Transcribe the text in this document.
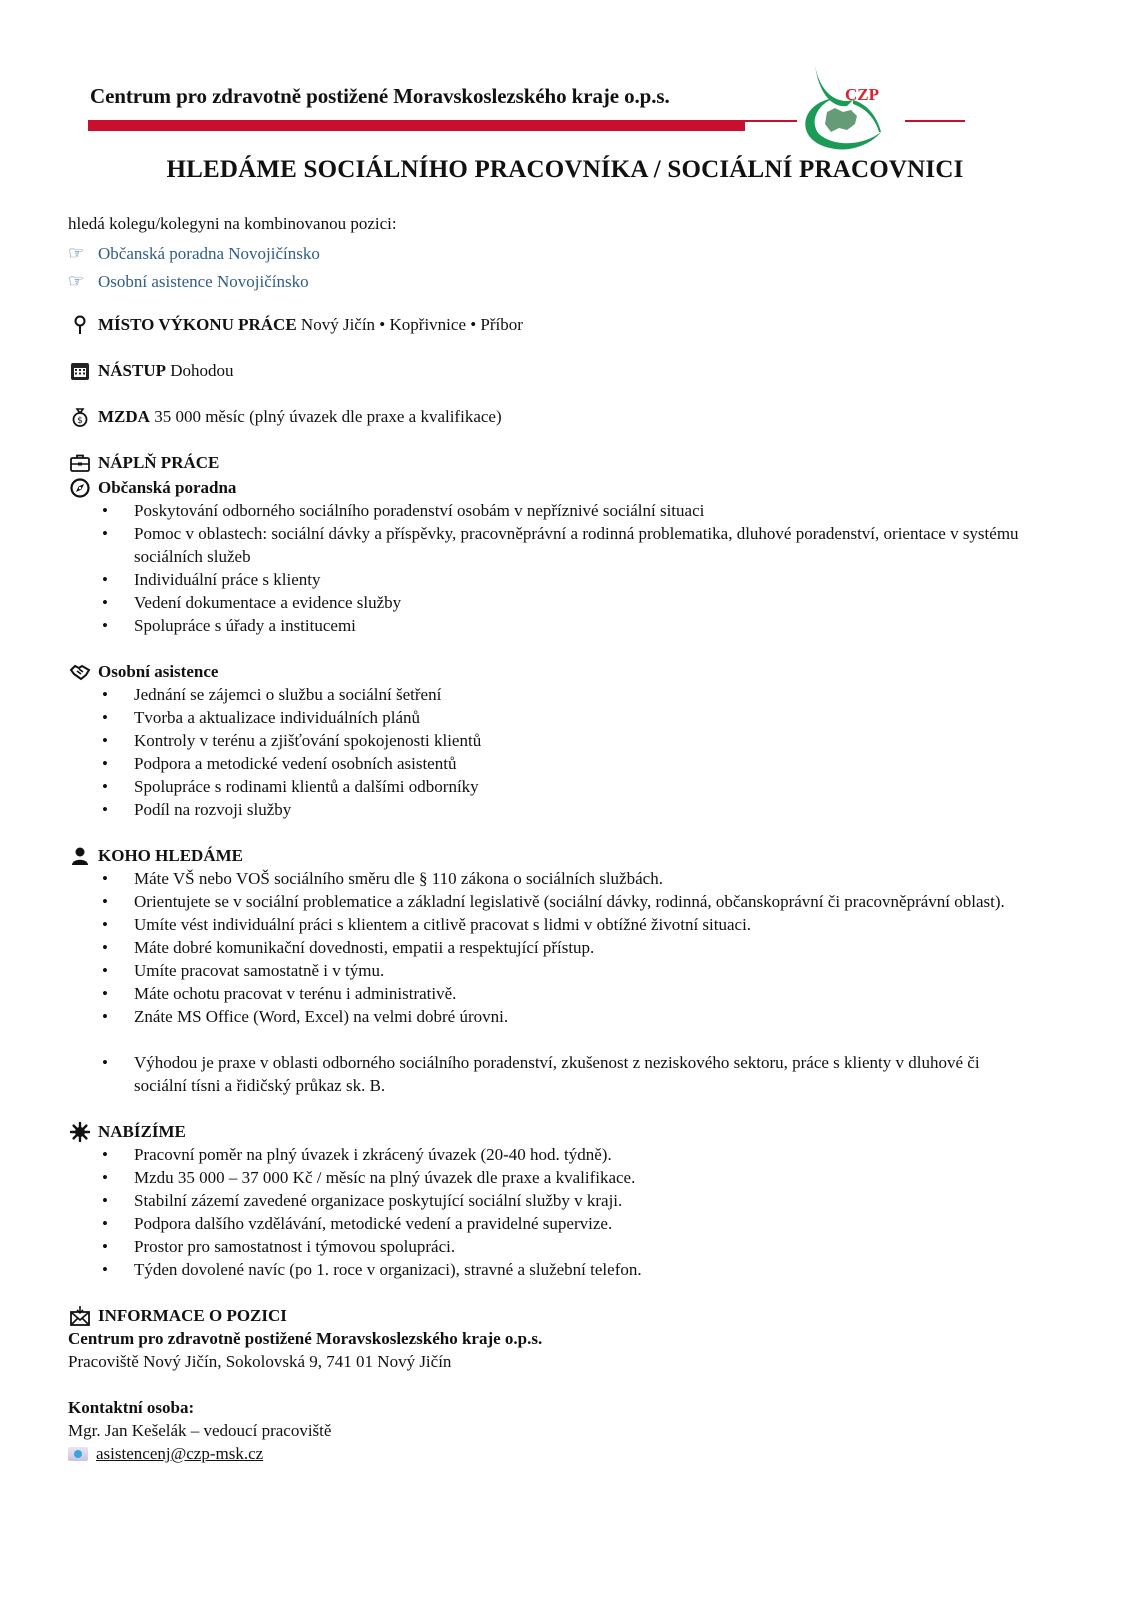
Centrum pro zdravotně postižené Moravskoslezského kraje o.p.s.	CZP
HLEDÁME SOCIÁLNÍHO PRACOVNÍKA / SOCIÁLNÍ PRACOVNICI
hledá kolegu/kolegyni na kombinovanou pozici:
☞ Občanská poradna Novojičínsko
☞ Osobní asistence Novojičínsko
MÍSTO VÝKONU PRÁCE
Nový Jičín • Kopřivnice • Příbor
NÁSTUP
Dohodou
$ MZDA
35 000 měsíc (plný úvazek dle praxe a kvalifikace)
NÁPLŇ PRÁCE
Občanská poradna
• Poskytování odborného sociálního poradenství osobám v nepříznivé sociální situaci
• Pomoc v oblastech: sociální dávky a příspěvky, pracovněprávní a rodinná problematika, dluhové poradenství, orientace v systému sociálních služeb
• Individuální práce s klienty
• Vedení dokumentace a evidence služby
• Spolupráce s úřady a institucemi
Osobní asistence
• Jednání se zájemci o službu a sociální šetření
• Tvorba a aktualizace individuálních plánů
• Kontroly v terénu a zjišťování spokojenosti klientů
• Podpora a metodické vedení osobních asistentů
• Spolupráce s rodinami klientů a dalšími odborníky
• Podíl na rozvoji služby
KOHO HLEDÁME
• Máte VŠ nebo VOŠ sociálního směru dle § 110 zákona o sociálních službách.
• Orientujete se v sociální problematice a základní legislativě (sociální dávky, rodinná, občanskoprávní či pracovněprávní oblast).
• Umíte vést individuální práci s klientem a citlivě pracovat s lidmi v obtížné životní situaci.
• Máte dobré komunikační dovednosti, empatii a respektující přístup.
• Umíte pracovat samostatně i v týmu.
• Máte ochotu pracovat v terénu i administrativě.
• Znáte MS Office (Word, Excel) na velmi dobré úrovni.
• Výhodou je praxe v oblasti odborného sociálního poradenství, zkušenost z neziskového sektoru, práce s klienty v dluhové či sociální tísni a řidičský průkaz sk. B.
NABÍZÍME
• Pracovní poměr na plný úvazek i zkrácený úvazek (20-40 hod. týdně).
• Mzdu 35 000 – 37 000 Kč / měsíc na plný úvazek dle praxe a kvalifikace.
• Stabilní zázemí zavedené organizace poskytující sociální služby v kraji.
• Podpora dalšího vzdělávání, metodické vedení a pravidelné supervize.
• Prostor pro samostatnost i týmovou spolupráci.
• Týden dovolené navíc (po 1. roce v organizaci), stravné a služební telefon.
INFORMACE O POZICI
Centrum pro zdravotně postižené Moravskoslezského kraje o.p.s.
Pracoviště Nový Jičín, Sokolovská 9, 741 01 Nový Jičín
Kontaktní osoba:
Mgr. Jan Kešelák – vedoucí pracoviště
asistencenj@czp-msk.cz
